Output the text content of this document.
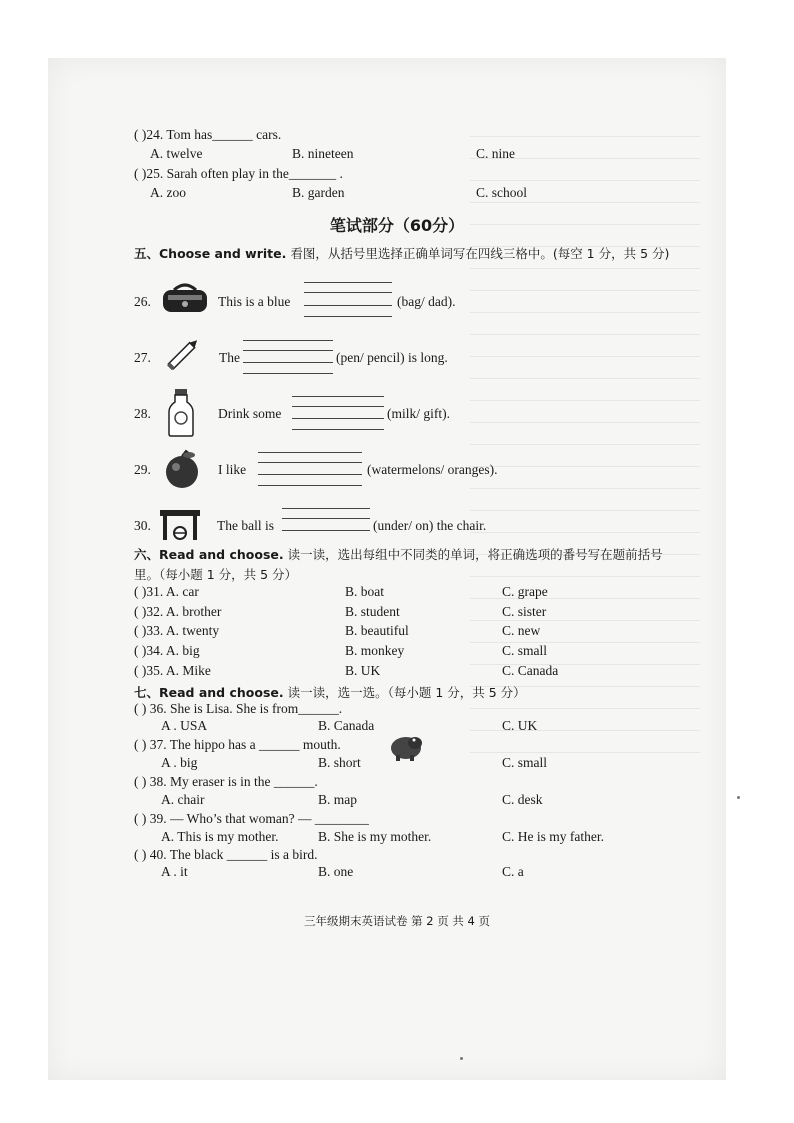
( )24. Tom has______ cars.
A. twelve	B. nineteen	C. nine
( )25. Sarah often play in the_______ .
A. zoo	B. garden	C. school
笔试部分（60分）
五、Choose and write. 看图，从括号里选择正确单词写在四线三格中。(每空 1 分，共 5 分)
26.	This is a blue	(bag/ dad).
27.	The	(pen/ pencil) is long.
28.	Drink some	(milk/ gift).
29.	I like	(watermelons/ oranges).
30.	The ball is	(under/ on) the chair.
六、Read and choose. 读一读，选出每组中不同类的单词，将正确选项的番号写在题前括号
里。（每小题 1 分，共 5 分）
( )31. A. car	B. boat	C. grape
( )32. A. brother	B. student	C. sister
( )33. A. twenty	B. beautiful	C. new
( )34. A. big	B. monkey	C. small
( )35. A. Mike	B. UK	C. Canada
七、Read and choose. 读一读，选一选。（每小题 1 分，共 5 分）
( ) 36. She is Lisa. She is from______.
A . USA	B. Canada	C. UK
( ) 37. The hippo has a ______ mouth.
A . big	B. short	C. small
( ) 38. My eraser is in the ______.
A. chair	B. map	C. desk
( ) 39. — Who’s that woman? — ________
A. This is my mother.	B. She is my mother.	C. He is my father.
( ) 40. The black ______ is a bird.
A . it	B. one	C. a
三年级期末英语试卷 第 2 页 共 4 页
